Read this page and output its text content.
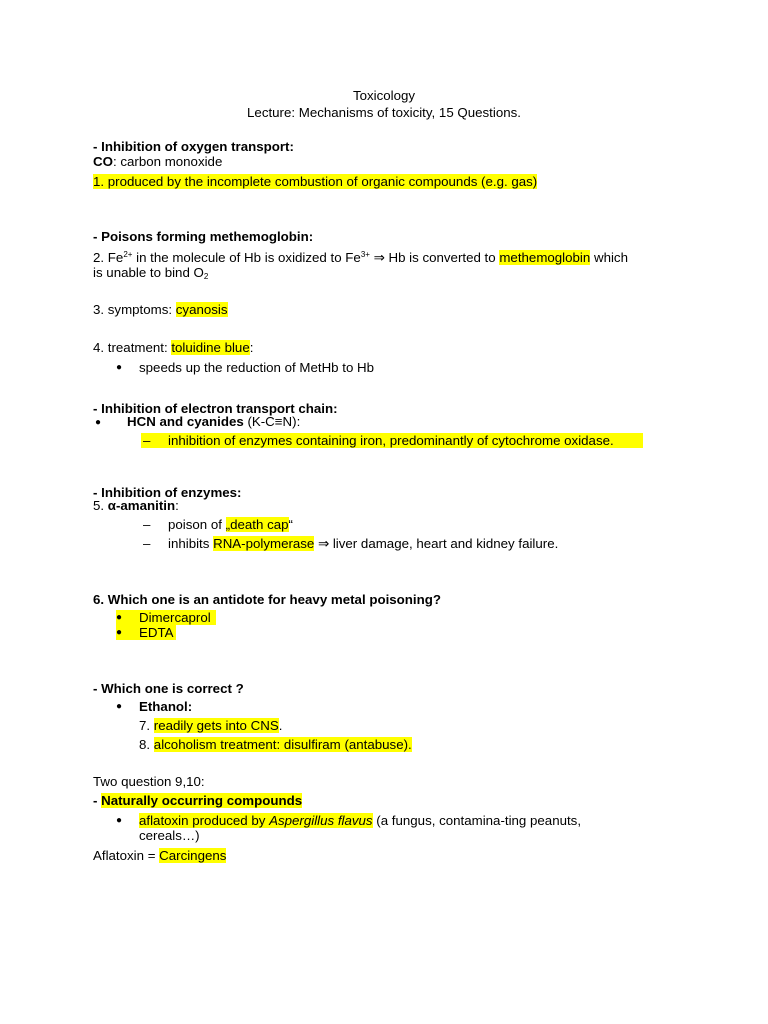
Toxicology
Lecture: Mechanisms of toxicity, 15 Questions.
- Inhibition of oxygen transport:
CO: carbon monoxide
1. produced by the incomplete combustion of organic compounds (e.g. gas)
- Poisons forming methemoglobin:
2. $Fe^{2+}$ in the molecule of Hb is oxidized to $Fe^{3+}$ ⇒ Hb is converted to methemoglobin which
is unable to bind $O_2$
3. symptoms: cyanosis
4. treatment: toluidine blue:
● speeds up the reduction of MetHb to Hb
- Inhibition of electron transport chain:
● HCN and cyanides (K-C≡N):
– inhibition of enzymes containing iron, predominantly of cytochrome oxidase.
- Inhibition of enzymes:
5. α-amanitin:
– poison of „death cap“
– inhibits RNA-polymerase ⇒ liver damage, heart and kidney failure.
6. Which one is an antidote for heavy metal poisoning?
● Dimercaprol
● EDTA
- Which one is correct ?
● Ethanol:
7. readily gets into CNS.
8. alcoholism treatment: disulfiram (antabuse).
Two question 9,10:
- Naturally occurring compounds
● aflatoxin produced by Aspergillus flavus (a fungus, contamina-ting peanuts,
cereals…)
Aflatoxin = Carcingens
